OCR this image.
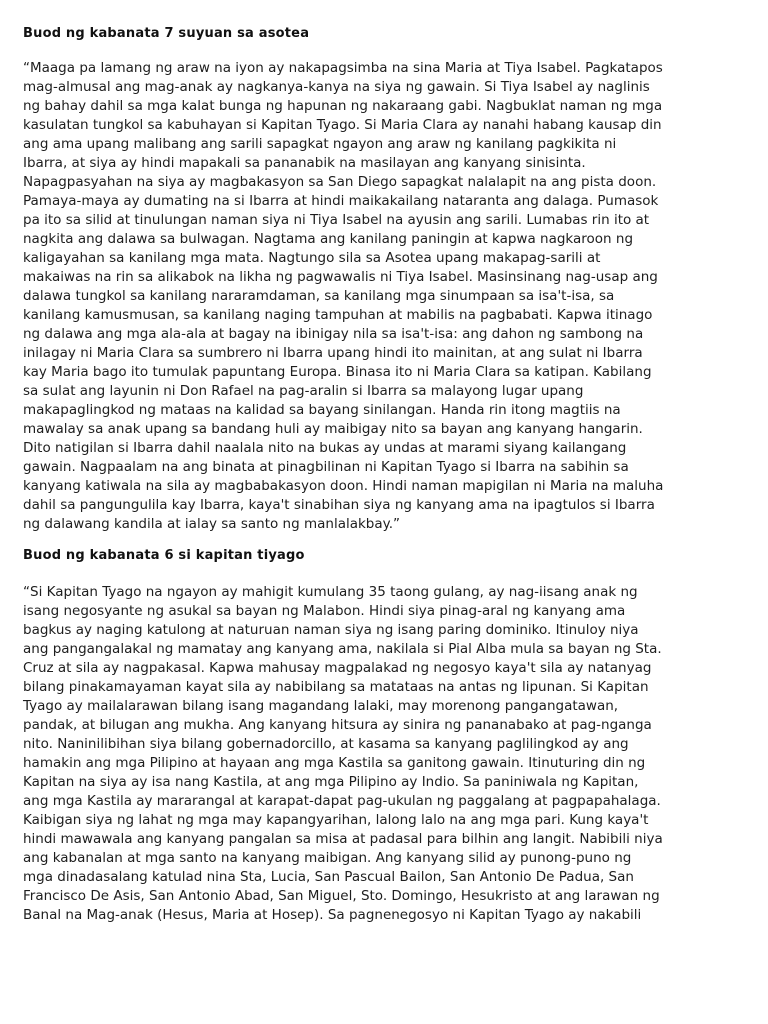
Buod ng kabanata 7 suyuan sa asotea
“Maaga pa lamang ng araw na iyon ay nakapagsimba na sina Maria at Tiya Isabel. Pagkatapos
mag-almusal ang mag-anak ay nagkanya-kanya na siya ng gawain. Si Tiya Isabel ay naglinis
ng bahay dahil sa mga kalat bunga ng hapunan ng nakaraang gabi. Nagbuklat naman ng mga
kasulatan tungkol sa kabuhayan si Kapitan Tyago. Si Maria Clara ay nanahi habang kausap din
ang ama upang malibang ang sarili sapagkat ngayon ang araw ng kanilang pagkikita ni
Ibarra, at siya ay hindi mapakali sa pananabik na masilayan ang kanyang sinisinta.
Napagpasyahan na siya ay magbakasyon sa San Diego sapagkat nalalapit na ang pista doon.
Pamaya-maya ay dumating na si Ibarra at hindi maikakailang nataranta ang dalaga. Pumasok
pa ito sa silid at tinulungan naman siya ni Tiya Isabel na ayusin ang sarili. Lumabas rin ito at
nagkita ang dalawa sa bulwagan. Nagtama ang kanilang paningin at kapwa nagkaroon ng
kaligayahan sa kanilang mga mata. Nagtungo sila sa Asotea upang makapag-sarili at
makaiwas na rin sa alikabok na likha ng pagwawalis ni Tiya Isabel. Masinsinang nag-usap ang
dalawa tungkol sa kanilang nararamdaman, sa kanilang mga sinumpaan sa isa't-isa, sa
kanilang kamusmusan, sa kanilang naging tampuhan at mabilis na pagbabati. Kapwa itinago
ng dalawa ang mga ala-ala at bagay na ibinigay nila sa isa't-isa: ang dahon ng sambong na
inilagay ni Maria Clara sa sumbrero ni Ibarra upang hindi ito mainitan, at ang sulat ni Ibarra
kay Maria bago ito tumulak papuntang Europa. Binasa ito ni Maria Clara sa katipan. Kabilang
sa sulat ang layunin ni Don Rafael na pag-aralin si Ibarra sa malayong lugar upang
makapaglingkod ng mataas na kalidad sa bayang sinilangan. Handa rin itong magtiis na
mawalay sa anak upang sa bandang huli ay maibigay nito sa bayan ang kanyang hangarin.
Dito natigilan si Ibarra dahil naalala nito na bukas ay undas at marami siyang kailangang
gawain. Nagpaalam na ang binata at pinagbilinan ni Kapitan Tyago si Ibarra na sabihin sa
kanyang katiwala na sila ay magbabakasyon doon. Hindi naman mapigilan ni Maria na maluha
dahil sa pangungulila kay Ibarra, kaya't sinabihan siya ng kanyang ama na ipagtulos si Ibarra
ng dalawang kandila at ialay sa santo ng manlalakbay.”
Buod ng kabanata 6 si kapitan tiyago
“Si Kapitan Tyago na ngayon ay mahigit kumulang 35 taong gulang, ay nag-iisang anak ng
isang negosyante ng asukal sa bayan ng Malabon. Hindi siya pinag-aral ng kanyang ama
bagkus ay naging katulong at naturuan naman siya ng isang paring dominiko. Itinuloy niya
ang pangangalakal ng mamatay ang kanyang ama, nakilala si Pial Alba mula sa bayan ng Sta.
Cruz at sila ay nagpakasal. Kapwa mahusay magpalakad ng negosyo kaya't sila ay natanyag
bilang pinakamayaman kayat sila ay nabibilang sa matataas na antas ng lipunan. Si Kapitan
Tyago ay mailalarawan bilang isang magandang lalaki, may morenong pangangatawan,
pandak, at bilugan ang mukha. Ang kanyang hitsura ay sinira ng pananabako at pag-nganga
nito. Naninilibihan siya bilang gobernadorcillo, at kasama sa kanyang paglilingkod ay ang
hamakin ang mga Pilipino at hayaan ang mga Kastila sa ganitong gawain. Itinuturing din ng
Kapitan na siya ay isa nang Kastila, at ang mga Pilipino ay Indio. Sa paniniwala ng Kapitan,
ang mga Kastila ay mararangal at karapat-dapat pag-ukulan ng paggalang at pagpapahalaga.
Kaibigan siya ng lahat ng mga may kapangyarihan, lalong lalo na ang mga pari. Kung kaya't
hindi mawawala ang kanyang pangalan sa misa at padasal para bilhin ang langit. Nabibili niya
ang kabanalan at mga santo na kanyang maibigan. Ang kanyang silid ay punong-puno ng
mga dinadasalang katulad nina Sta, Lucia, San Pascual Bailon, San Antonio De Padua, San
Francisco De Asis, San Antonio Abad, San Miguel, Sto. Domingo, Hesukristo at ang larawan ng
Banal na Mag-anak (Hesus, Maria at Hosep). Sa pagnenegosyo ni Kapitan Tyago ay nakabili
